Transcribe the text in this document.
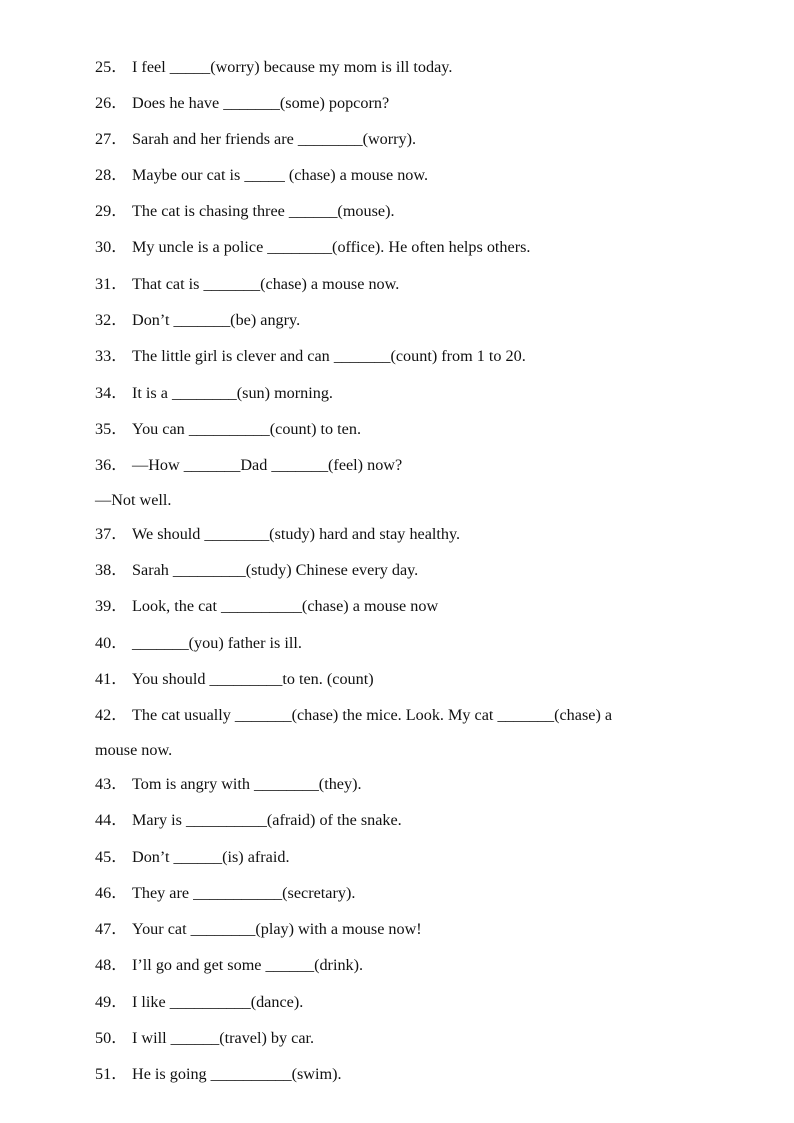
25． I feel _____(worry) because my mom is ill today.
26． Does he have _______(some) popcorn?
27． Sarah and her friends are ________(worry).
28． Maybe our cat is _____ (chase) a mouse now.
29． The cat is chasing three ______(mouse).
30． My uncle is a police ________(office). He often helps others.
31． That cat is _______(chase) a mouse now.
32． Don’t _______(be) angry.
33． The little girl is clever and can _______(count) from 1 to 20.
34． It is a ________(sun) morning.
35． You can __________(count) to ten.
36． —How _______Dad _______(feel) now?
—Not well.
37． We should ________(study) hard and stay healthy.
38． Sarah _________(study) Chinese every day.
39． Look, the cat __________(chase) a mouse now
40． _______(you) father is ill.
41． You should _________to ten. (count)
42． The cat usually _______(chase) the mice. Look. My cat _______(chase) a
mouse now.
43． Tom is angry with ________(they).
44． Mary is __________(afraid) of the snake.
45． Don’t ______(is) afraid.
46． They are ___________(secretary).
47． Your cat ________(play) with a mouse now!
48． I’ll go and get some ______(drink).
49． I like __________(dance).
50． I will ______(travel) by car.
51． He is going __________(swim).
